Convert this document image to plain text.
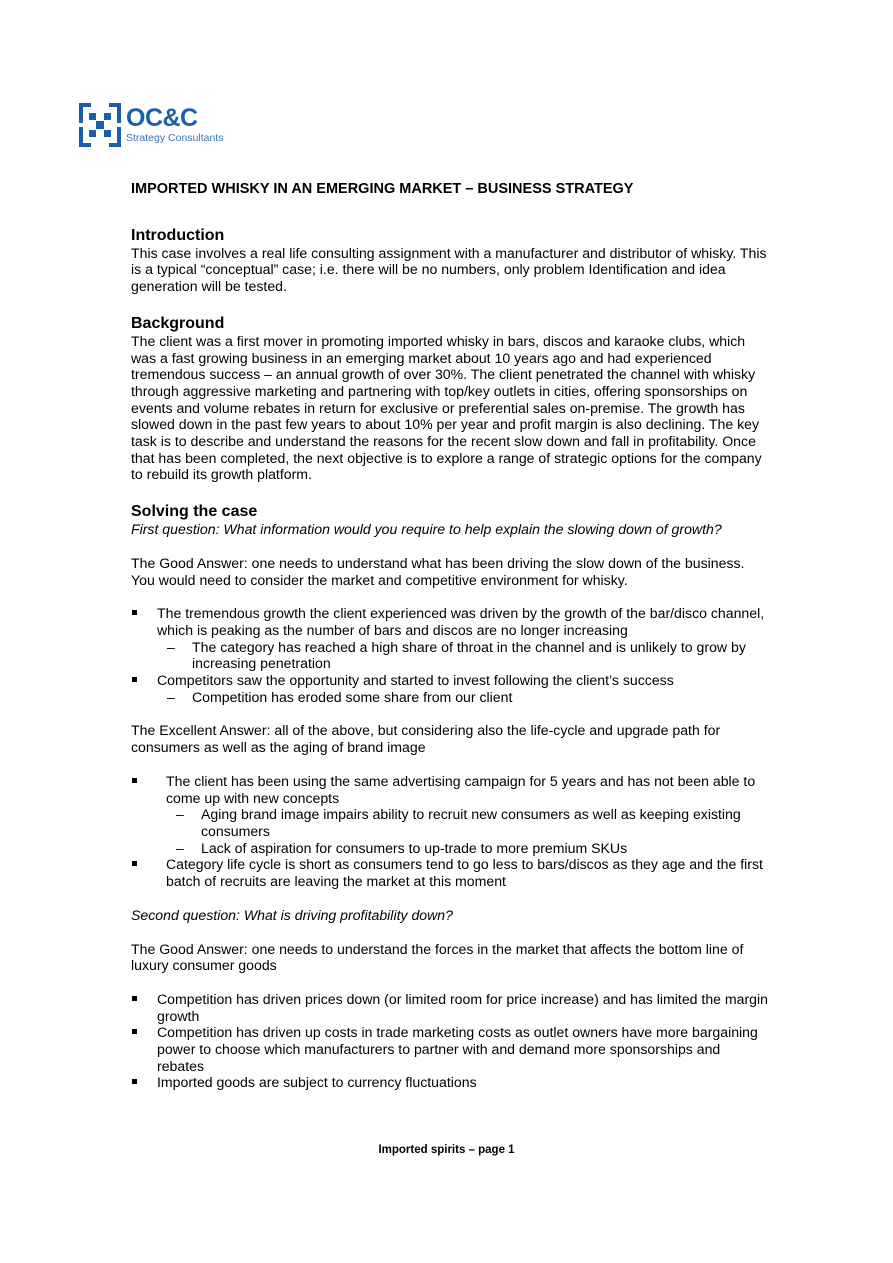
OC&C
Strategy Consultants
IMPORTED WHISKY IN AN EMERGING MARKET – BUSINESS STRATEGY
Introduction

This case involves a real life consulting assignment with a manufacturer and distributor of whisky. This is a typical “conceptual” case; i.e. there will be no numbers, only problem Identification and idea generation will be tested.

Background

The client was a first mover in promoting imported whisky in bars, discos and karaoke clubs, which was a fast growing business in an emerging market about 10 years ago and had experienced tremendous success – an annual growth of over 30%. The client penetrated the channel with whisky through aggressive marketing and partnering with top/key outlets in cities, offering sponsorships on events and volume rebates in return for exclusive or preferential sales on-premise. The growth has slowed down in the past few years to about 10% per year and profit margin is also declining. The key task is to describe and understand the reasons for the recent slow down and fall in profitability. Once that has been completed, the next objective is to explore a range of strategic options for the company to rebuild its growth platform.

Solving the case

First question: What information would you require to help explain the slowing down of growth?

The Good Answer: one needs to understand what has been driving the slow down of the business. You would need to consider the market and competitive environment for whisky.

The tremendous growth the client experienced was driven by the growth of the bar/disco channel, which is peaking as the number of bars and discos are no longer increasing
– The category has reached a high share of throat in the channel and is unlikely to grow by increasing penetration
Competitors saw the opportunity and started to invest following the client’s success
– Competition has eroded some share from our client

The Excellent Answer: all of the above, but considering also the life-cycle and upgrade path for consumers as well as the aging of brand image

The client has been using the same advertising campaign for 5 years and has not been able to come up with new concepts
– Aging brand image impairs ability to recruit new consumers as well as keeping existing consumers
– Lack of aspiration for consumers to up-trade to more premium SKUs
Category life cycle is short as consumers tend to go less to bars/discos as they age and the first batch of recruits are leaving the market at this moment

Second question: What is driving profitability down?

The Good Answer: one needs to understand the forces in the market that affects the bottom line of luxury consumer goods

Competition has driven prices down (or limited room for price increase) and has limited the margin growth
Competition has driven up costs in trade marketing costs as outlet owners have more bargaining power to choose which manufacturers to partner with and demand more sponsorships and rebates
Imported goods are subject to currency fluctuations
Imported spirits – page 1
